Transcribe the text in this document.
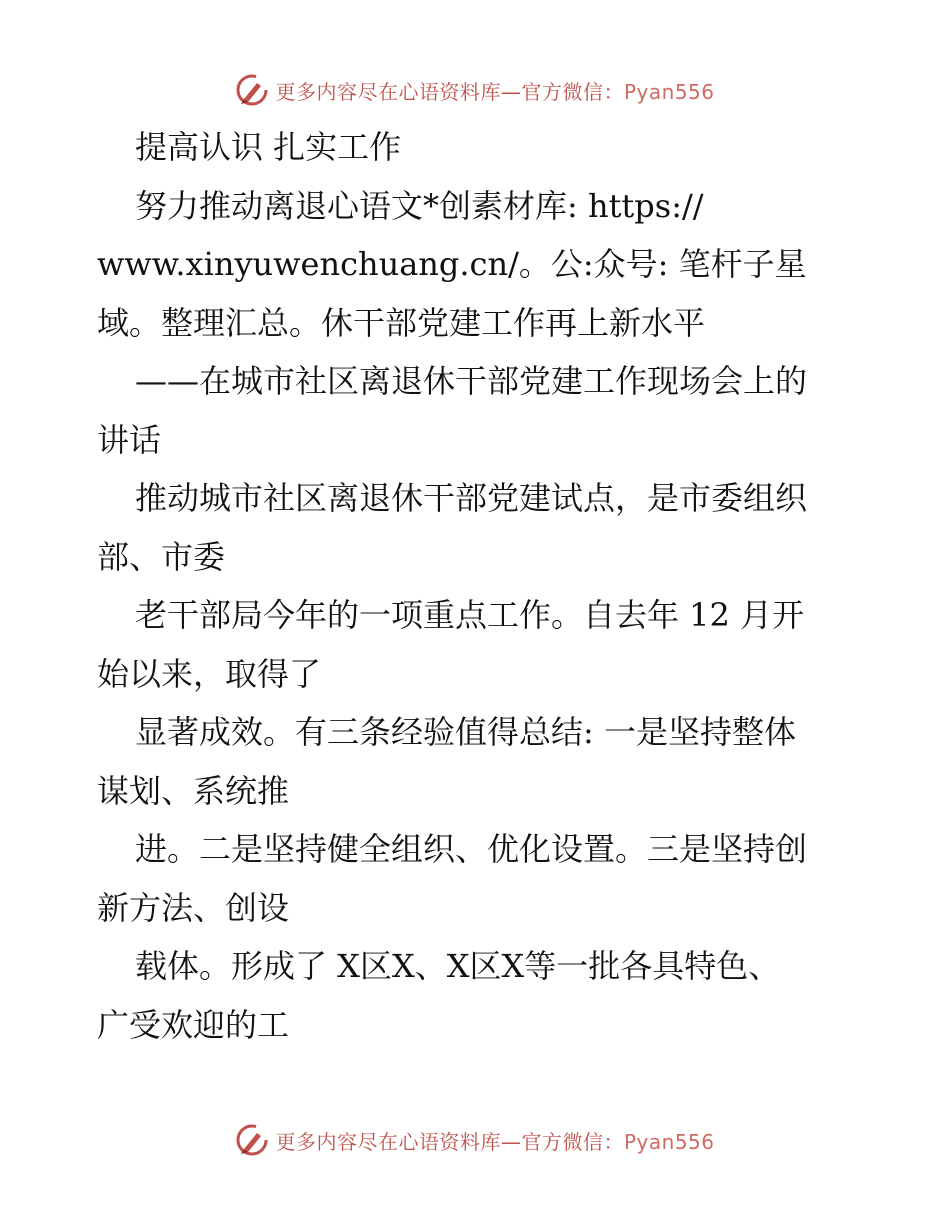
更多内容尽在心语资料库—官方微信：Pyan556
提高认识 扎实工作
努力推动离退心语文*创素材库: https://
www.xinyuwenchuang.cn/。公:众号: 笔杆子星
域。整理汇总。休干部党建工作再上新水平
——在城市社区离退休干部党建工作现场会上的
讲话
推动城市社区离退休干部党建试点，是市委组织
部、市委
老干部局今年的一项重点工作。自去年 12 月开
始以来，取得了
显著成效。有三条经验值得总结: 一是坚持整体
谋划、系统推
进。二是坚持健全组织、优化设置。三是坚持创
新方法、创设
载体。形成了 X区X、X区X等一批各具特色、
广受欢迎的工
更多内容尽在心语资料库—官方微信：Pyan556
